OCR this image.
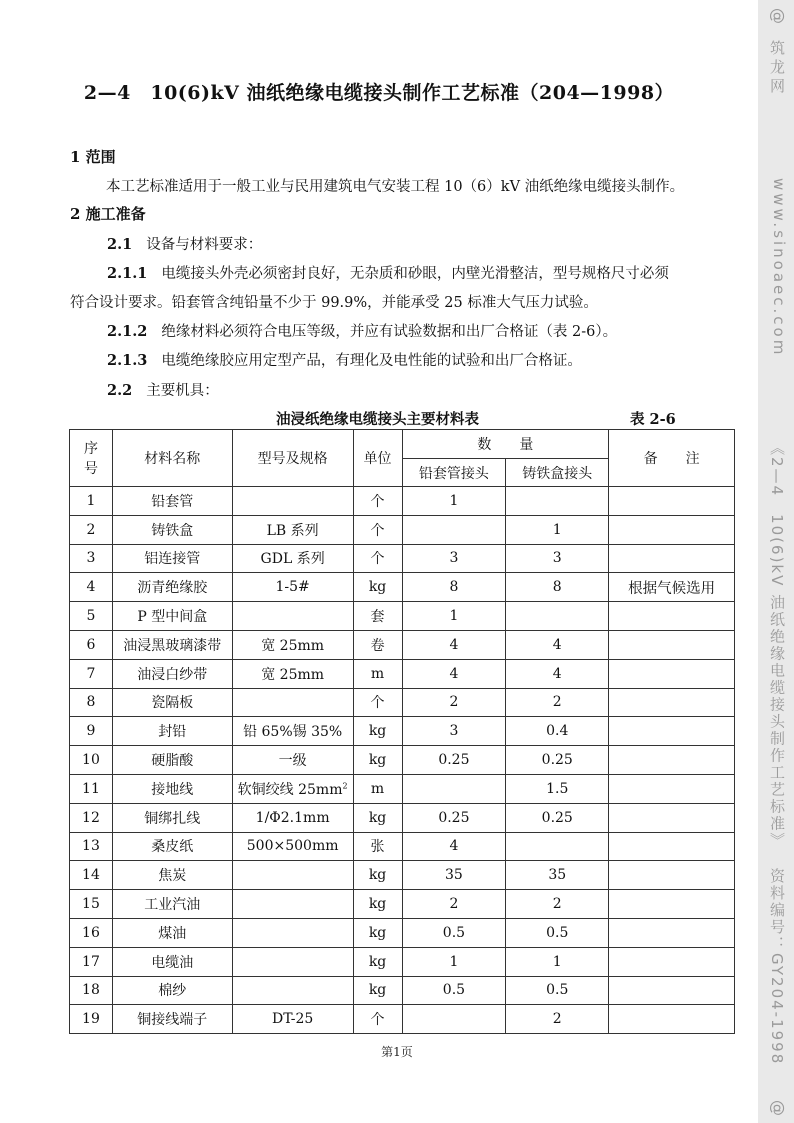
@
筑龙网
www.sinoaec.com
《2—4　10(6)kV 油纸绝缘电缆接头制作工艺标准》
资料编号：GY204-1998
@
2—4　10(6)kV 油纸绝缘电缆接头制作工艺标准（204—1998）
1 范围
本工艺标准适用于一般工业与民用建筑电气安装工程 10（6）kV 油纸绝缘电缆接头制作。
2 施工准备
2.1 设备与材料要求：
2.1.1 电缆接头外壳必须密封良好，无杂质和砂眼，内壁光滑整洁，型号规格尺寸必须
符合设计要求。铅套管含纯铅量不少于 99.9%，并能承受 25 标准大气压力试验。
2.1.2 绝缘材料必须符合电压等级，并应有试验数据和出厂合格证（表 2-6）。
2.1.3 电缆绝缘胶应用定型产品，有理化及电性能的试验和出厂合格证。
2.2 主要机具：
油浸纸绝缘电缆接头主要材料表	表 2-6
序
号	材料名称	型号及规格	单位	数　　量		备　　注
				铅套管接头	铸铁盒接头	
1	铅套管		个	1		
2	铸铁盒	LB 系列	个		1	
3	铝连接管	GDL 系列	个	3	3	
4	沥青绝缘胶	1-5#	kg	8	8	根据气候选用
5	P 型中间盒		套	1		
6	油浸黑玻璃漆带	宽 25mm	卷	4	4	
7	油浸白纱带	宽 25mm	m	4	4	
8	瓷隔板		个	2	2	
9	封铅	铅 65%锡 35%	kg	3	0.4	
10	硬脂酸	一级	kg	0.25	0.25	
11	接地线	软铜绞线 $25mm^2$	m		1.5	
12	铜绑扎线	1/Φ2.1mm	kg	0.25	0.25	
13	桑皮纸	500×500mm	张	4		
14	焦炭		kg	35	35	
15	工业汽油		kg	2	2	
16	煤油		kg	0.5	0.5	
17	电缆油		kg	1	1	
18	棉纱		kg	0.5	0.5	
19	铜接线端子	DT-25	个		2	
第1页
